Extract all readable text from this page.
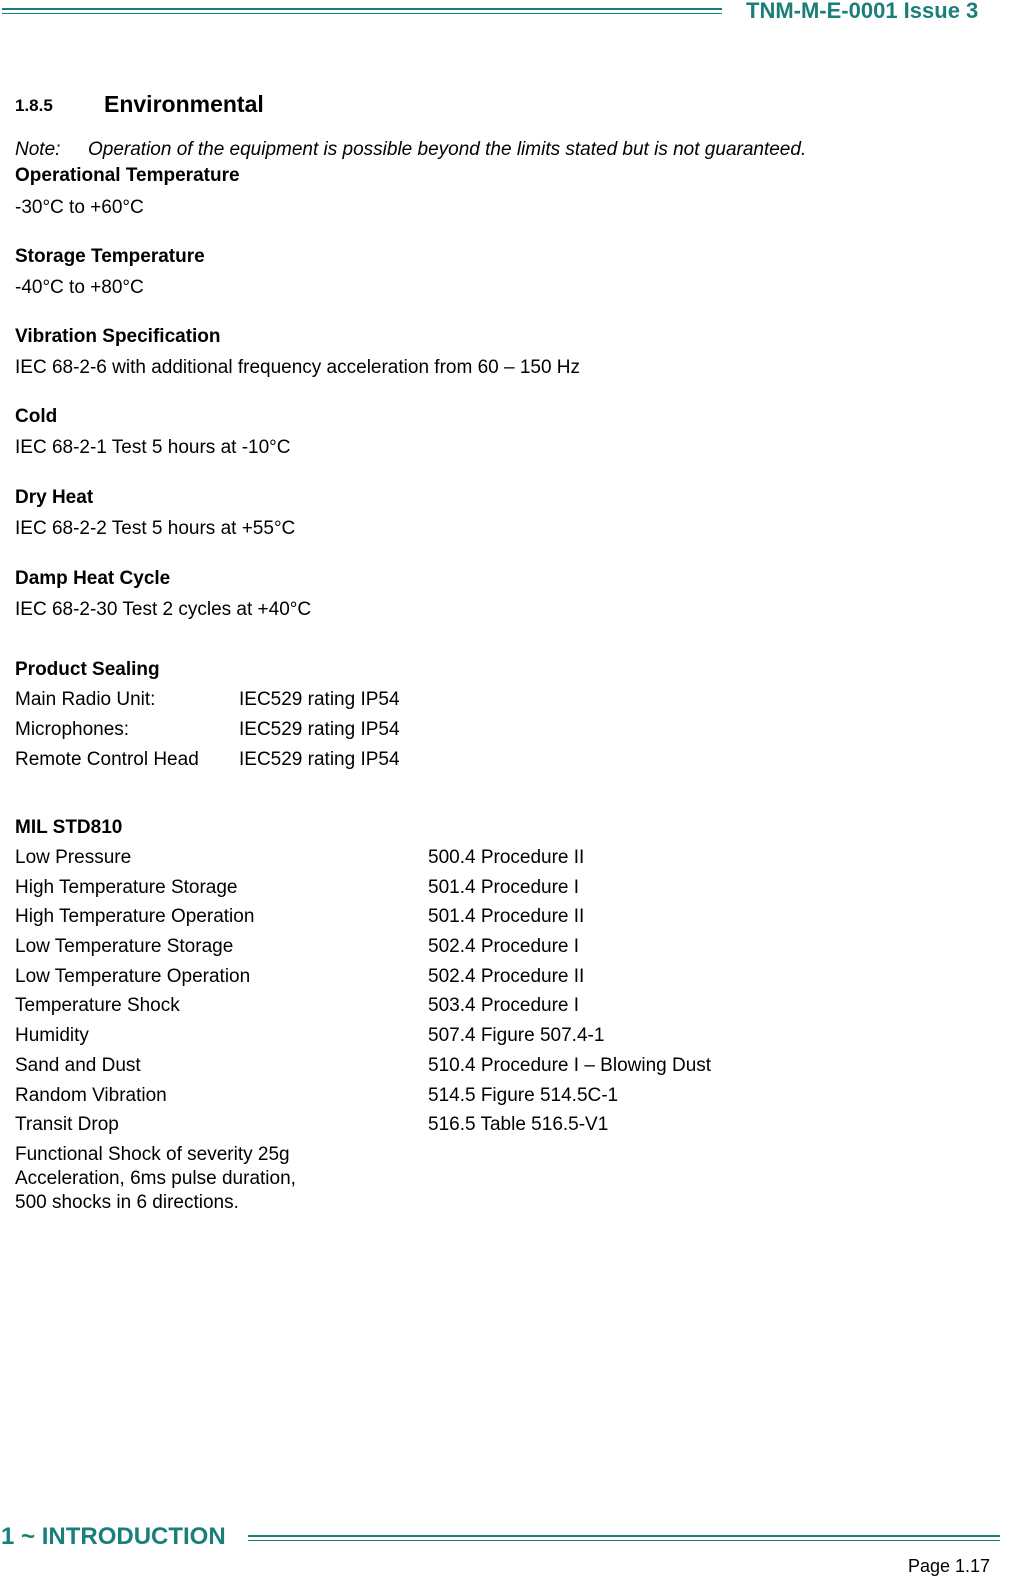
TNM-M-E-0001 Issue 3
1.8.5 Environmental
Note: Operation of the equipment is possible beyond the limits stated but is not guaranteed.
Operational Temperature
-30°C to +60°C
Storage Temperature
-40°C to +80°C
Vibration Specification
IEC 68-2-6 with additional frequency acceleration from 60 – 150 Hz
Cold
IEC 68-2-1 Test 5 hours at -10°C
Dry Heat
IEC 68-2-2 Test 5 hours at +55°C
Damp Heat Cycle
IEC 68-2-30 Test 2 cycles at +40°C
Product Sealing
Main Radio Unit:	IEC529 rating IP54
Microphones:	IEC529 rating IP54
Remote Control Head IEC529 rating IP54
MIL STD810
Low Pressure	500.4 Procedure II
High Temperature Storage	501.4 Procedure I
High Temperature Operation	501.4 Procedure II
Low Temperature Storage	502.4 Procedure I
Low Temperature Operation	502.4 Procedure II
Temperature Shock	503.4 Procedure I
Humidity	507.4 Figure 507.4-1
Sand and Dust	510.4 Procedure I – Blowing Dust
Random Vibration	514.5 Figure 514.5C-1
Transit Drop	516.5 Table 516.5-V1
Functional Shock of severity 25g
Acceleration, 6ms pulse duration,
500 shocks in 6 directions.
1 ~ INTRODUCTION
Page 1.17
